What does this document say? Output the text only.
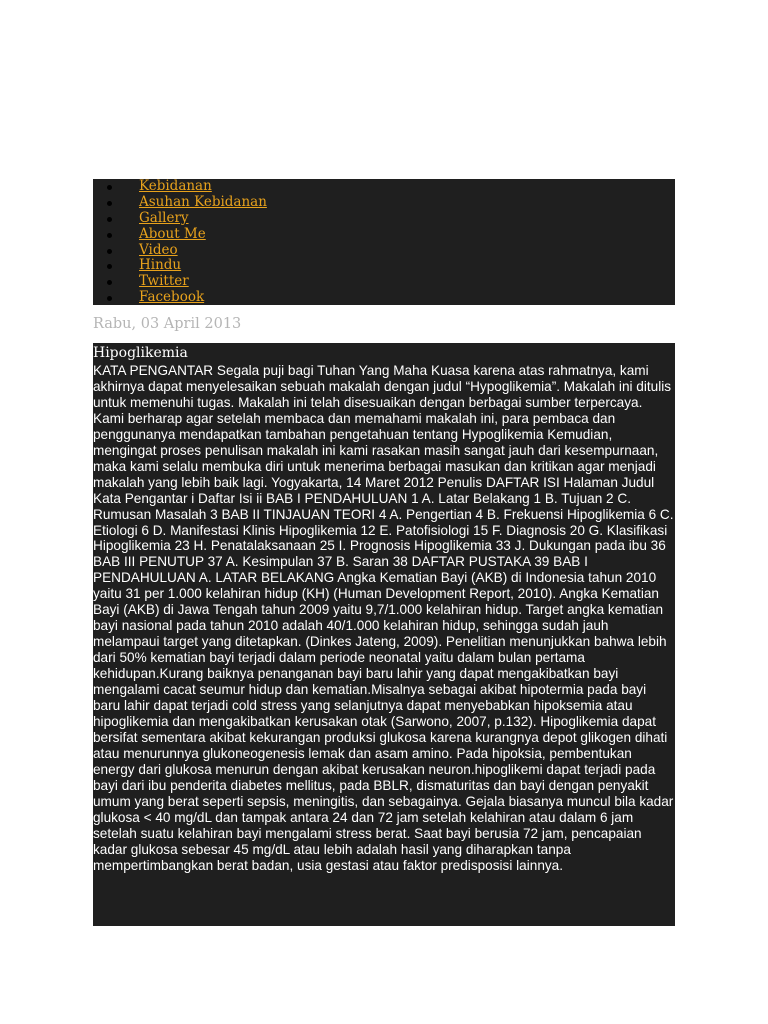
Kebidanan
Asuhan Kebidanan
Gallery
About Me
Video
Hindu
Twitter
Facebook
Rabu, 03 April 2013
Hipoglikemia
KATA PENGANTAR Segala puji bagi Tuhan Yang Maha Kuasa karena atas rahmatnya, kami akhirnya dapat menyelesaikan sebuah makalah dengan judul “Hypoglikemia”. Makalah ini ditulis untuk memenuhi tugas. Makalah ini telah disesuaikan dengan berbagai sumber terpercaya. Kami berharap agar setelah membaca dan memahami makalah ini, para pembaca dan penggunanya mendapatkan tambahan pengetahuan tentang Hypoglikemia Kemudian, mengingat proses penulisan makalah ini kami rasakan masih sangat jauh dari kesempurnaan, maka kami selalu membuka diri untuk menerima berbagai masukan dan kritikan agar menjadi makalah yang lebih baik lagi. Yogyakarta, 14 Maret 2012 Penulis DAFTAR ISI Halaman Judul Kata Pengantar i Daftar Isi ii BAB I PENDAHULUAN 1 A. Latar Belakang 1 B. Tujuan 2 C. Rumusan Masalah 3 BAB II TINJAUAN TEORI 4 A. Pengertian 4 B. Frekuensi Hipoglikemia 6 C. Etiologi 6 D. Manifestasi Klinis Hipoglikemia 12 E. Patofisiologi 15 F. Diagnosis 20 G. Klasifikasi Hipoglikemia 23 H. Penatalaksanaan 25 I. Prognosis Hipoglikemia 33 J. Dukungan pada ibu 36 BAB III PENUTUP 37 A. Kesimpulan 37 B. Saran 38 DAFTAR PUSTAKA 39 BAB I PENDAHULUAN A. LATAR BELAKANG Angka Kematian Bayi (AKB) di Indonesia tahun 2010 yaitu 31 per 1.000 kelahiran hidup (KH) (Human Development Report, 2010). Angka Kematian Bayi (AKB) di Jawa Tengah tahun 2009 yaitu 9,7/1.000 kelahiran hidup. Target angka kematian bayi nasional pada tahun 2010 adalah 40/1.000 kelahiran hidup, sehingga sudah jauh melampaui target yang ditetapkan. (Dinkes Jateng, 2009). Penelitian menunjukkan bahwa lebih dari 50% kematian bayi terjadi dalam periode neonatal yaitu dalam bulan pertama kehidupan.Kurang baiknya penanganan bayi baru lahir yang dapat mengakibatkan bayi mengalami cacat seumur hidup dan kematian.Misalnya sebagai akibat hipotermia pada bayi baru lahir dapat terjadi cold stress yang selanjutnya dapat menyebabkan hipoksemia atau hipoglikemia dan mengakibatkan kerusakan otak (Sarwono, 2007, p.132). Hipoglikemia dapat bersifat sementara akibat kekurangan produksi glukosa karena kurangnya depot glikogen dihati atau menurunnya glukoneogenesis lemak dan asam amino. Pada hipoksia, pembentukan energy dari glukosa menurun dengan akibat kerusakan neuron.hipoglikemi dapat terjadi pada bayi dari ibu penderita diabetes mellitus, pada BBLR, dismaturitas dan bayi dengan penyakit umum yang berat seperti sepsis, meningitis, dan sebagainya. Gejala biasanya muncul bila kadar glukosa < 40 mg/dL dan tampak antara 24 dan 72 jam setelah kelahiran atau dalam 6 jam setelah suatu kelahiran bayi mengalami stress berat. Saat bayi berusia 72 jam, pencapaian kadar glukosa sebesar 45 mg/dL atau lebih adalah hasil yang diharapkan tanpa mempertimbangkan berat badan, usia gestasi atau faktor predisposisi lainnya.
